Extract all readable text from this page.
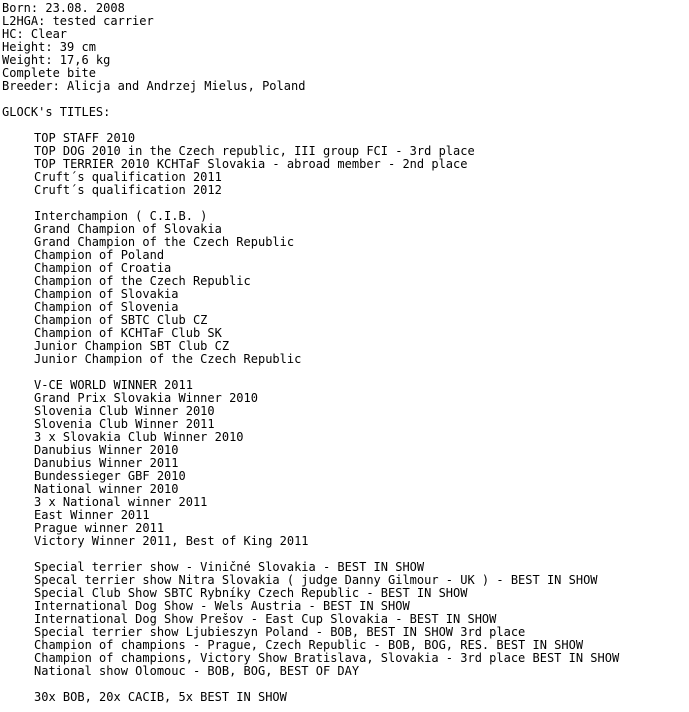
Born: 23.08. 2008
L2HGA: tested carrier
HC: Clear
Height: 39 cm
Weight: 17,6 kg
Complete bite
Breeder: Alicja and Andrzej Mielus, Poland
GLOCK's TITLES:
TOP STAFF 2010
TOP DOG 2010 in the Czech republic, III group FCI - 3rd place
TOP TERRIER 2010 KCHTaF Slovakia - abroad member - 2nd place
Cruft´s qualification 2011
Cruft´s qualification 2012
Interchampion ( C.I.B. )
Grand Champion of Slovakia
Grand Champion of the Czech Republic
Champion of Poland
Champion of Croatia
Champion of the Czech Republic
Champion of Slovakia
Champion of Slovenia
Champion of SBTC Club CZ
Champion of KCHTaF Club SK
Junior Champion SBT Club CZ
Junior Champion of the Czech Republic
V-CE WORLD WINNER 2011
Grand Prix Slovakia Winner 2010
Slovenia Club Winner 2010
Slovenia Club Winner 2011
3 x Slovakia Club Winner 2010
Danubius Winner 2010
Danubius Winner 2011
Bundessieger GBF 2010
National winner 2010
3 x National winner 2011
East Winner 2011
Prague winner 2011
Victory Winner 2011, Best of King 2011
Special terrier show - Viničné Slovakia - BEST IN SHOW
Specal terrier show Nitra Slovakia ( judge Danny Gilmour - UK ) - BEST IN SHOW
Special Club Show SBTC Rybníky Czech Republic - BEST IN SHOW
International Dog Show - Wels Austria - BEST IN SHOW
International Dog Show Prešov - East Cup Slovakia - BEST IN SHOW
Special terrier show Ljubieszyn Poland - BOB, BEST IN SHOW 3rd place
Champion of champions - Prague, Czech Republic - BOB, BOG, RES. BEST IN SHOW
Champion of champions, Victory Show Bratislava, Slovakia - 3rd place BEST IN SHOW
National show Olomouc - BOB, BOG, BEST OF DAY
30x BOB, 20x CACIB, 5x BEST IN SHOW
